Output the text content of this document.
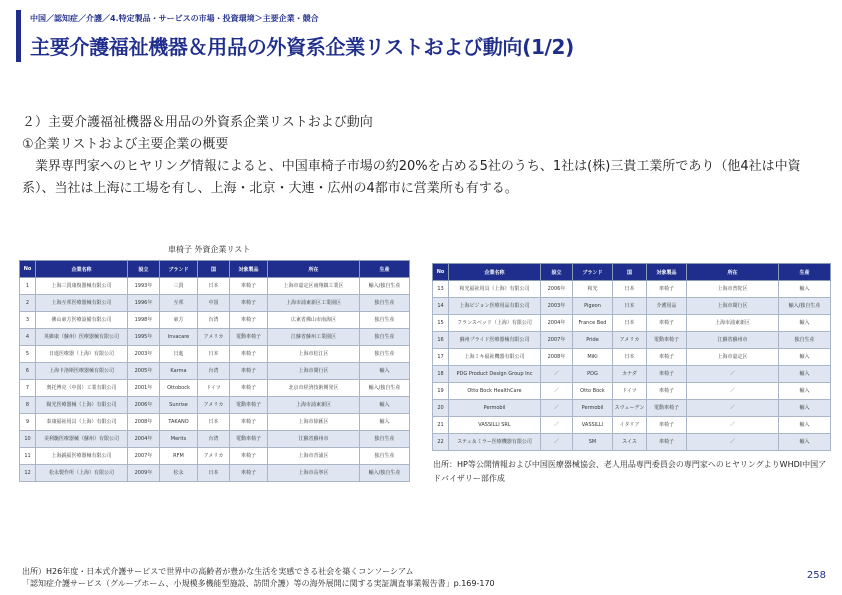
中国／認知症／介護／4.特定製品・サービスの市場・投資環境＞主要企業・競合
主要介護福祉機器＆用品の外資系企業リストおよび動向(1/2)

２）主要介護福祉機器＆用品の外資系企業リストおよび動向

①企業リストおよび主要企業の概要

　業界専門家へのヒヤリング情報によると、中国車椅子市場の約20%を占める5社のうち、1社は(株)三貴工業所であり（他4社は中資系）、当社は上海に工場を有し、上海・北京・大連・広州の4都市に営業所も有する。

車椅子 外資企業リスト
No	企業名称	設立	ブランド	国	対象製品	所在	生産
1	上海三貴康復器械有限公司	1993年	三貴	日本	車椅子	上海市嘉定区南翔鎮工業区	輸入/独自生産
2	上海互邦医療器械有限公司	1996年	互邦	中国	車椅子	上海市浦東新区工業園区	独自生産
3	佛山東方医療設備有限公司	1998年	東方	台湾	車椅子	広東省佛山市南海区	独自生産
4	英維康（蘇州）医療器械有限公司	1995年	Invacare	アメリカ	電動車椅子	江蘇省蘇州工業園区	独自生産
5	日進医療器（上海）有限公司	2003年	日進	日本	車椅子	上海市松江区	独自生産
6	上海卡洛斯医療器械有限公司	2005年	Karma	台湾	車椅子	上海市閔行区	輸入
7	奥托博克（中国）工業有限公司	2001年	Ottobock	ドイツ	車椅子	北京市経済技術開発区	輸入/独自生産
8	陽光医療器械（上海）有限公司	2006年	Sunrise	アメリカ	電動車椅子	上海市浦東新区	輸入
9	泰康福祉用具（上海）有限公司	2008年	TAKANO	日本	車椅子	上海市徐匯区	輸入
10	美利馳医療器械（蘇州）有限公司	2004年	Merits	台湾	電動車椅子	江蘇省蘇州市	独自生産
11	上海鋭福医療器械有限公司	2007年	RFM	アメリカ	車椅子	上海市青浦区	独自生産
12	松永製作所（上海）有限公司	2009年	松永	日本	車椅子	上海市長寧区	輸入/独自生産
No	企業名称	設立	ブランド	国	対象製品	所在	生産
13	和光福祉用具（上海）有限公司	2006年	和光	日本	車椅子	上海市普陀区	輸入
14	上海ピジョン医療用品有限公司	2003年	Pigeon	日本	介護用品	上海市閔行区	輸入/独自生産
15	フランスベッド（上海）有限公司	2004年	France Bed	日本	車椅子	上海市浦東新区	輸入
16	蘇州プライド医療器械有限公司	2007年	Pride	アメリカ	電動車椅子	江蘇省蘇州市	独自生産
17	上海ミキ福祉機器有限公司	2008年	MiKi	日本	車椅子	上海市嘉定区	輸入
18	PDG Product Design Group Inc	／	PDG	カナダ	車椅子	／	輸入
19	Otto Bock HealthCare	／	Otto Bock	ドイツ	車椅子	／	輸入
20	Permobil	／	Permobil	スウェーデン	電動車椅子	／	輸入
21	VASSILLI SRL	／	VASSILLI	イタリア	車椅子	／	輸入
22	ステュ＆ミラー医療機器有限公司	／	SM	スイス	車椅子	／	輸入
出所：HP等公開情報および中国医療器械協会、老人用品専門委員会の専門家へのヒヤリングよりWHDI中国アドバイザリー部作成
出所）H26年度・日本式介護サービスで世界中の高齢者が豊かな生活を実感できる社会を築くコンソーシアム
「認知症介護サービス（グループホーム、小規模多機能型施設、訪問介護）等の海外展開に関する実証調査事業報告書」p.169-170
258
